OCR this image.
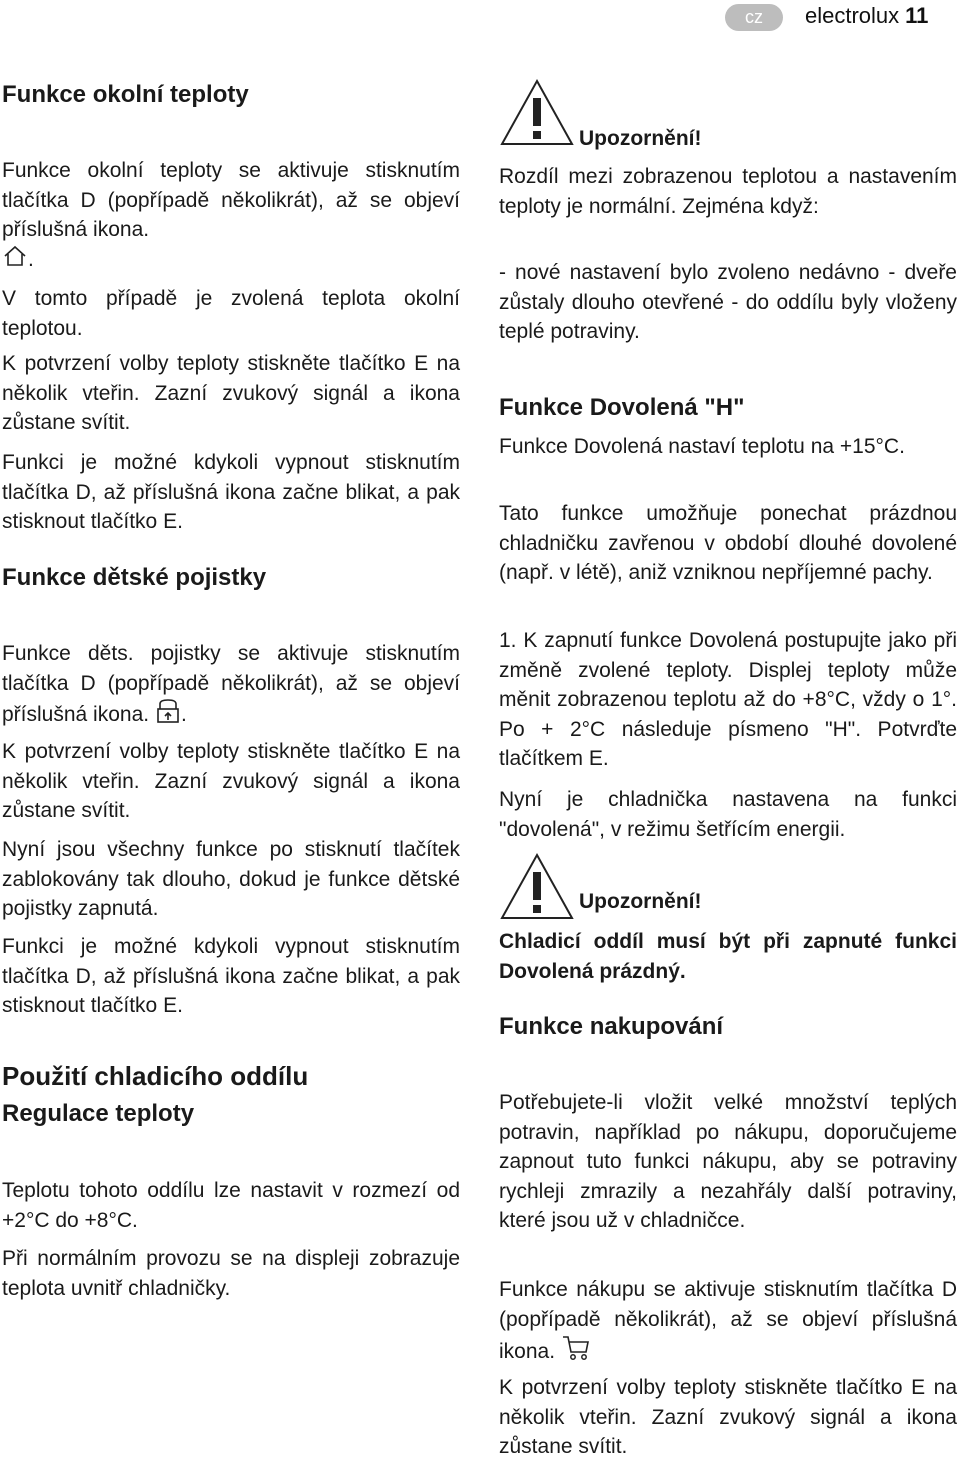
cz	electrolux 11
Funkce okolní teploty

Funkce okolní teploty se aktivuje stisknutím tlačítka D (popřípadě několikrát), až se objeví příslušná ikona.
.

V tomto případě je zvolená teplota okolní teplotou.

K potvrzení volby teploty stiskněte tlačítko E na několik vteřin. Zazní zvukový signál a ikona zůstane svítit.

Funkci je možné kdykoli vypnout stisknutím tlačítka D, až příslušná ikona začne blikat, a pak stisknout tlačítko E.

Funkce dětské pojistky

Funkce děts. pojistky se aktivuje stisknutím tlačítka D (popřípadě několikrát), až se objeví příslušná ikona. .

K potvrzení volby teploty stiskněte tlačítko E na několik vteřin. Zazní zvukový signál a ikona zůstane svítit.

Nyní jsou všechny funkce po stisknutí tlačítek zablokovány tak dlouho, dokud je funkce dětské pojistky zapnutá.

Funkci je možné kdykoli vypnout stisknutím tlačítka D, až příslušná ikona začne blikat, a pak stisknout tlačítko E.

Použití chladicího oddílu
Regulace teploty

Teplotu tohoto oddílu lze nastavit v rozmezí od +2°C do +8°C.

Při normálním provozu se na displeji zobrazuje teplota uvnitř chladničky.

Upozornění!

Rozdíl mezi zobrazenou teplotou a nastavením teploty je normální. Zejména když:

- nové nastavení bylo zvoleno nedávno - dveře zůstaly dlouho otevřené - do oddílu byly vloženy teplé potraviny.

Funkce Dovolená "H"

Funkce Dovolená nastaví teplotu na +15°C.

Tato funkce umožňuje ponechat prázdnou chladničku zavřenou v období dlouhé dovolené (např. v létě), aniž vzniknou nepříjemné pachy.

1. K zapnutí funkce Dovolená postupujte jako při změně zvolené teploty. Displej teploty může měnit zobrazenou teplotu až do +8°C, vždy o 1°. Po + 2°C následuje písmeno "H". Potvrďte tlačítkem E.

Nyní je chladnička nastavena na funkci "dovolená", v režimu šetřícím energii.

Upozornění!

Chladicí oddíl musí být při zapnuté funkci Dovolená prázdný.

Funkce nakupování

Potřebujete-li vložit velké množství teplých potravin, například po nákupu, doporučujeme zapnout tuto funkci nákupu, aby se potraviny rychleji zmrazily a nezahřály další potraviny, které jsou už v chladničce.

Funkce nákupu se aktivuje stisknutím tlačítka D (popřípadě několikrát), až se objeví příslušná ikona.

K potvrzení volby teploty stiskněte tlačítko E na několik vteřin. Zazní zvukový signál a ikona zůstane svítit.
